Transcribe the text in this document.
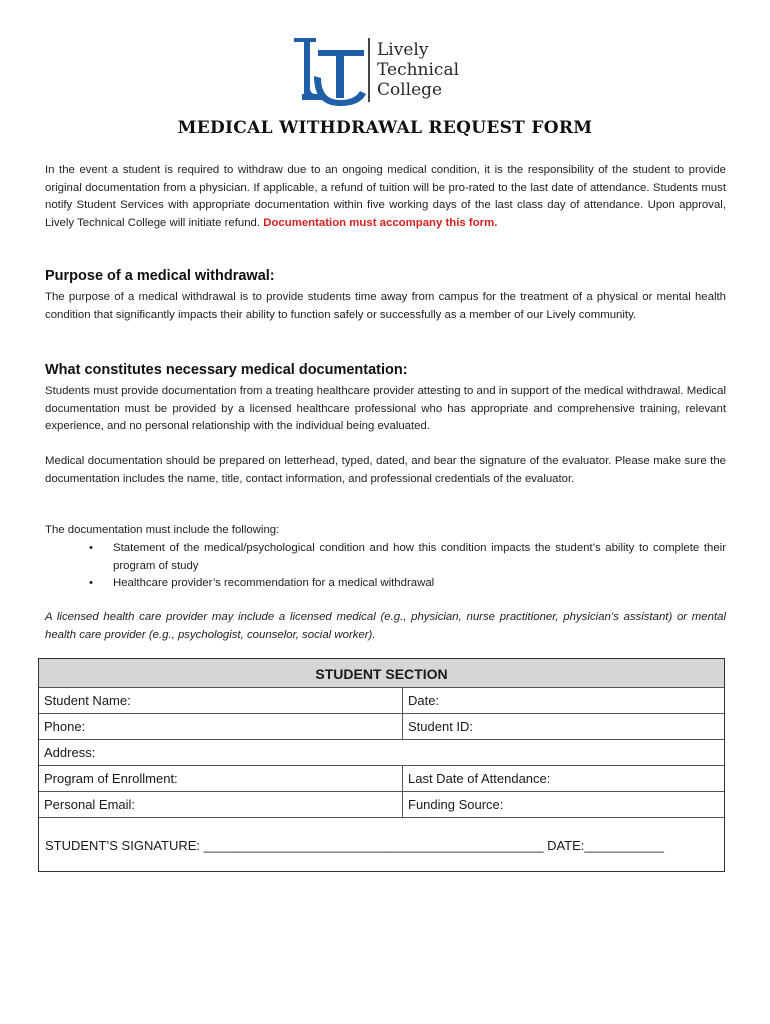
Lively
Technical
College
MEDICAL WITHDRAWAL REQUEST FORM

In the event a student is required to withdraw due to an ongoing medical condition, it is the responsibility of the student to provide original documentation from a physician. If applicable, a refund of tuition will be pro-rated to the last date of attendance. Students must notify Student Services with appropriate documentation within five working days of the last class day of attendance. Upon approval, Lively Technical College will initiate refund. Documentation must accompany this form.

Purpose of a medical withdrawal:
The purpose of a medical withdrawal is to provide students time away from campus for the treatment of a physical or mental health condition that significantly impacts their ability to function safely or successfully as a member of our Lively community.
What constitutes necessary medical documentation:
Students must provide documentation from a treating healthcare provider attesting to and in support of the medical withdrawal. Medical documentation must be provided by a licensed healthcare professional who has appropriate and comprehensive training, relevant experience, and no personal relationship with the individual being evaluated.
Medical documentation should be prepared on letterhead, typed, dated, and bear the signature of the evaluator. Please make sure the documentation includes the name, title, contact information, and professional credentials of the evaluator.
The documentation must include the following:
• Statement of the medical/psychological condition and how this condition impacts the student’s ability to complete their program of study
• Healthcare provider’s recommendation for a medical withdrawal
A licensed health care provider may include a licensed medical (e.g., physician, nurse practitioner, physician’s assistant) or mental health care provider (e.g., psychologist, counselor, social worker).
STUDENT SECTION
Student Name:	Date:
Phone:	Student ID:
Address:
Program of Enrollment:	Last Date of Attendance:
Personal Email:	Funding Source:
STUDENT’S SIGNATURE: _______________________________________________ DATE:___________
